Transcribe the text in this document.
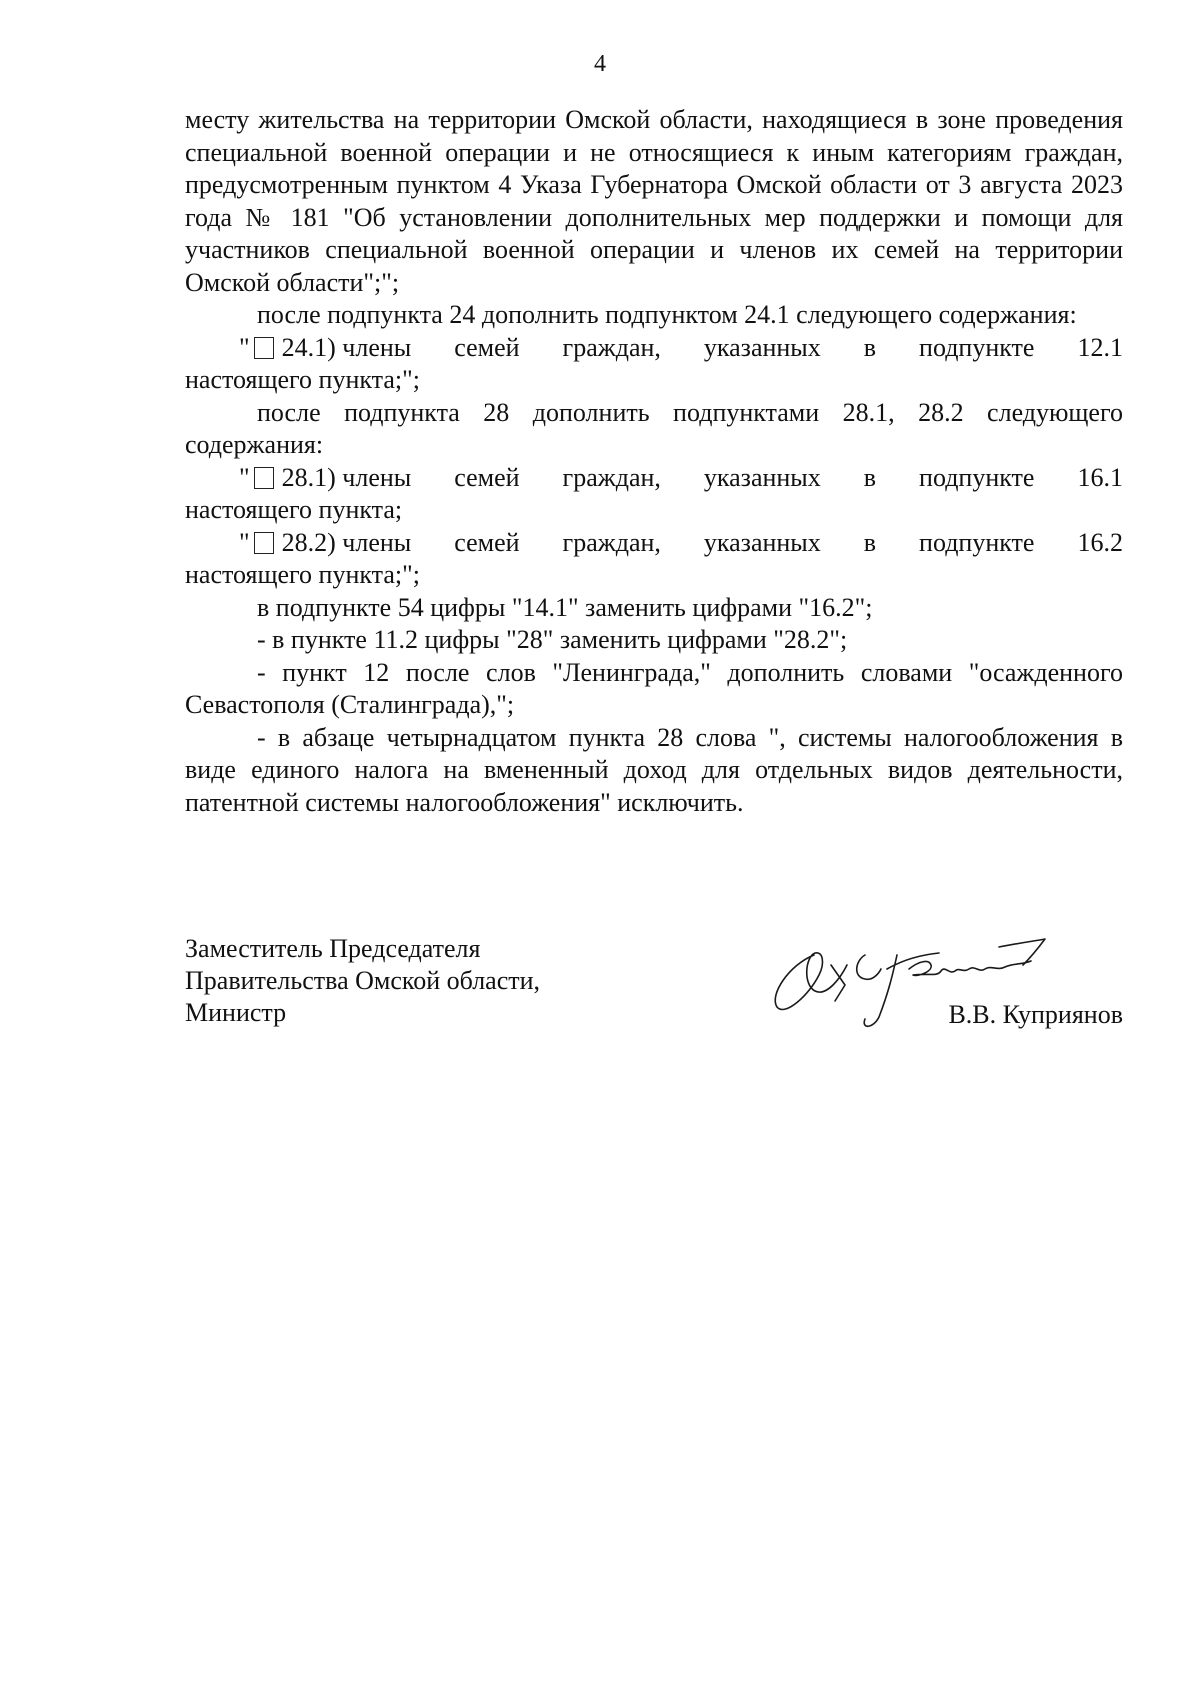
4

месту жительства на территории Омской области, находящиеся в зоне проведения специальной военной операции и не относящиеся к иным категориям граждан, предусмотренным пунктом 4 Указа Губернатора Омской области от 3 августа 2023 года № 181 "Об установлении дополнительных мер поддержки и помощи для участников специальной военной операции и членов их семей на территории Омской области";";

после подпункта 24 дополнить подпунктом 24.1 следующего содержания:

" 24.1) члены семей граждан, указанных в подпункте 12.1

настоящего пункта;";

после подпункта 28 дополнить подпунктами 28.1, 28.2 следующего содержания:

" 28.1) члены семей граждан, указанных в подпункте 16.1

настоящего пункта;

" 28.2) члены семей граждан, указанных в подпункте 16.2

настоящего пункта;";

в подпункте 54 цифры "14.1" заменить цифрами "16.2";

- в пункте 11.2 цифры "28" заменить цифрами "28.2";

- пункт 12 после слов "Ленинграда," дополнить словами "осажденного Севастополя (Сталинграда),";

- в абзаце четырнадцатом пункта 28 слова ", системы налогообложения в виде единого налога на вмененный доход для отдельных видов деятельности, патентной системы налогообложения" исключить.

Заместитель Председателя
Правительства Омской области,
Министр	В.В. Куприянов
